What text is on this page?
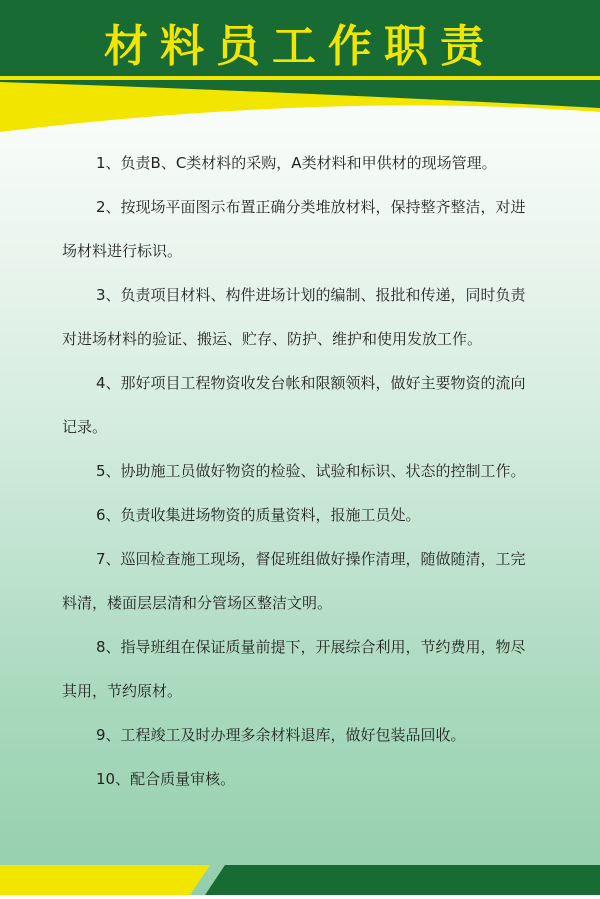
材料员工作职责

1、负责B、C类材料的采购，A类材料和甲供材的现场管理。

2、按现场平面图示布置正确分类堆放材料，保持整齐整洁，对进场材料进行标识。

3、负责项目材料、构件进场计划的编制、报批和传递，同时负责对进场材料的验证、搬运、贮存、防护、维护和使用发放工作。

4、那好项目工程物资收发台帐和限额领料，做好主要物资的流向记录。

5、协助施工员做好物资的检验、试验和标识、状态的控制工作。

6、负责收集进场物资的质量资料，报施工员处。

7、巡回检查施工现场，督促班组做好操作清理，随做随清，工完料清，楼面层层清和分管场区整洁文明。

8、指导班组在保证质量前提下，开展综合利用，节约费用，物尽其用，节约原材。

9、工程竣工及时办理多余材料退库，做好包装品回收。

10、配合质量审核。
